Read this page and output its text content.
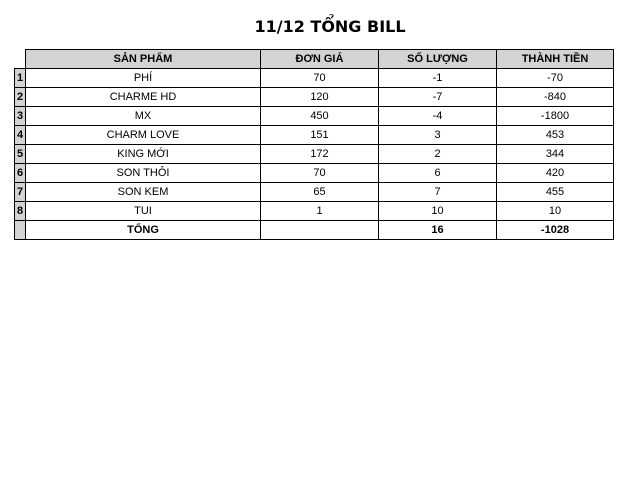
11/12 TỔNG BILL
	SẢN PHẨM	ĐƠN GIÁ	SỐ LƯỢNG	THÀNH TIỀN
1	PHÍ	70	-1	-70
2	CHARME HD	120	-7	-840
3	MX	450	-4	-1800
4	CHARM LOVE	151	3	453
5	KING MỚI	172	2	344
6	SON THỎI	70	6	420
7	SON KEM	65	7	455
8	TUI	1	10	10
	TỔNG		16	-1028
